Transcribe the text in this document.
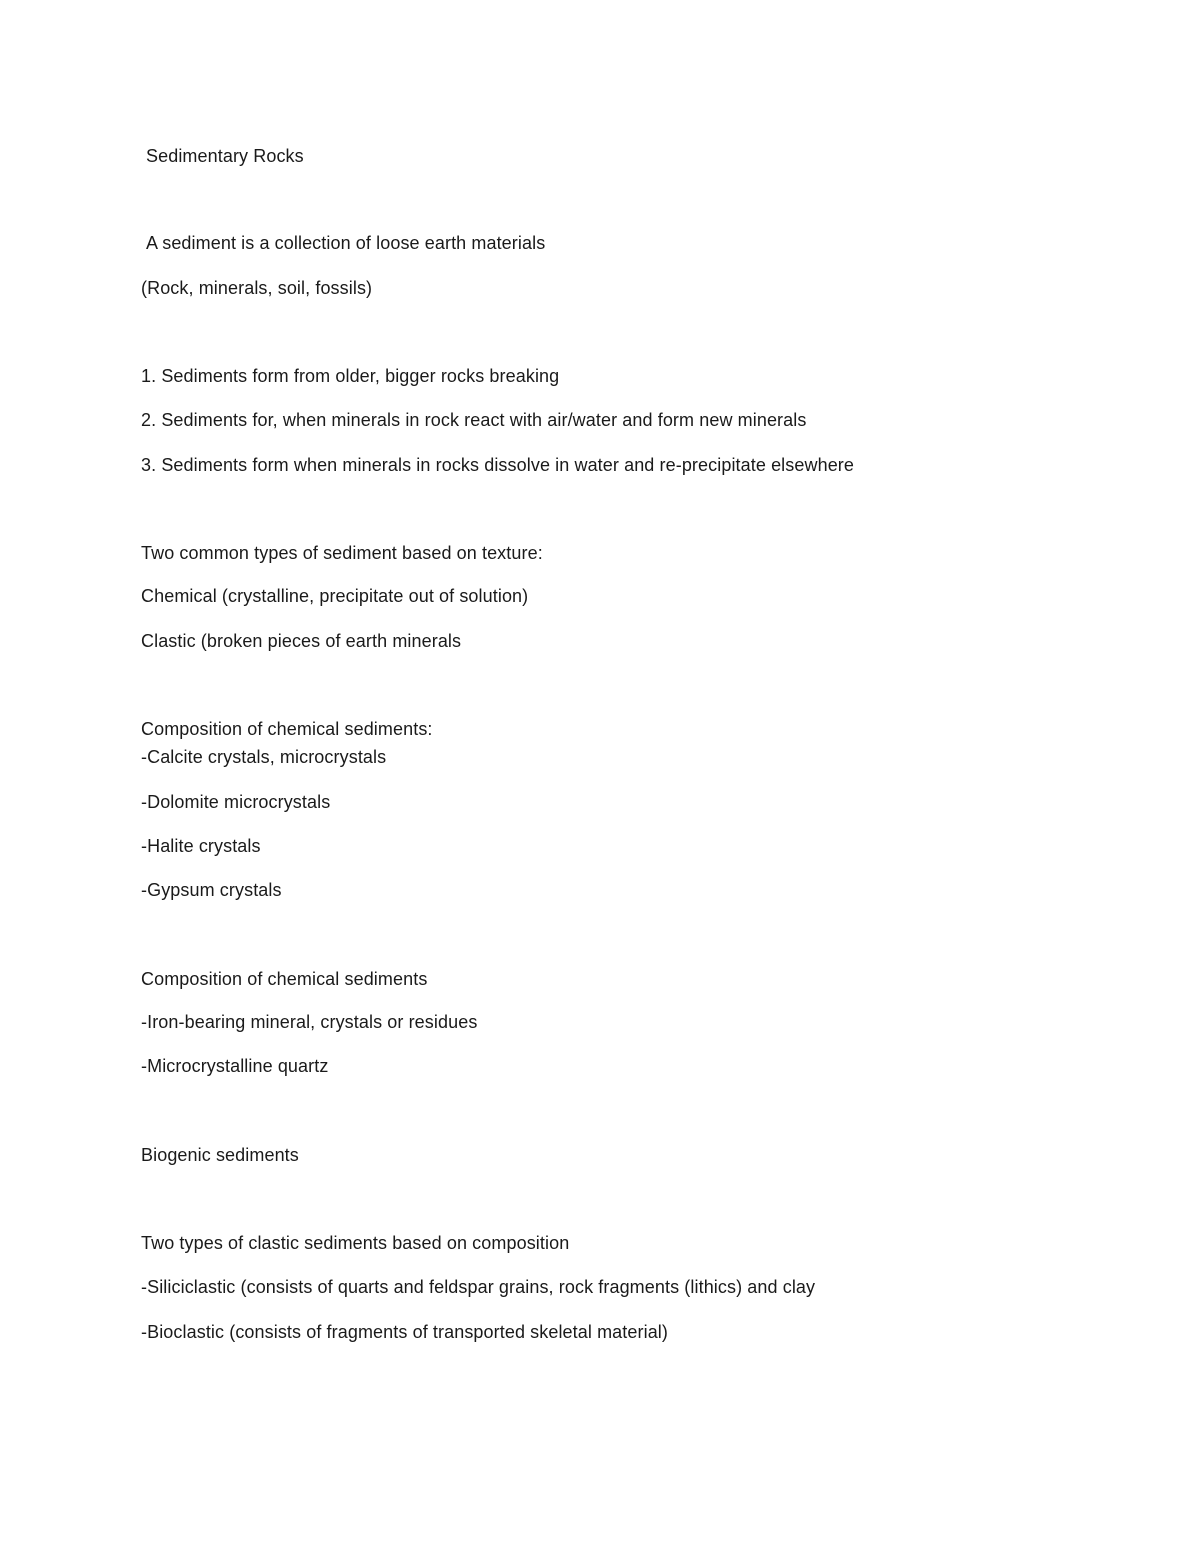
Sedimentary Rocks
A sediment is a collection of loose earth materials
(Rock, minerals, soil, fossils)
1. Sediments form from older, bigger rocks breaking
2. Sediments for, when minerals in rock react with air/water and form new minerals
3. Sediments form when minerals in rocks dissolve in water and re-precipitate elsewhere
Two common types of sediment based on texture:
Chemical (crystalline, precipitate out of solution)
Clastic (broken pieces of earth minerals
Composition of chemical sediments:
-Calcite crystals, microcrystals
-Dolomite microcrystals
-Halite crystals
-Gypsum crystals
Composition of chemical sediments
-Iron-bearing mineral, crystals or residues
-Microcrystalline quartz
Biogenic sediments
Two types of clastic sediments based on composition
-Siliciclastic (consists of quarts and feldspar grains, rock fragments (lithics) and clay
-Bioclastic (consists of fragments of transported skeletal material)
